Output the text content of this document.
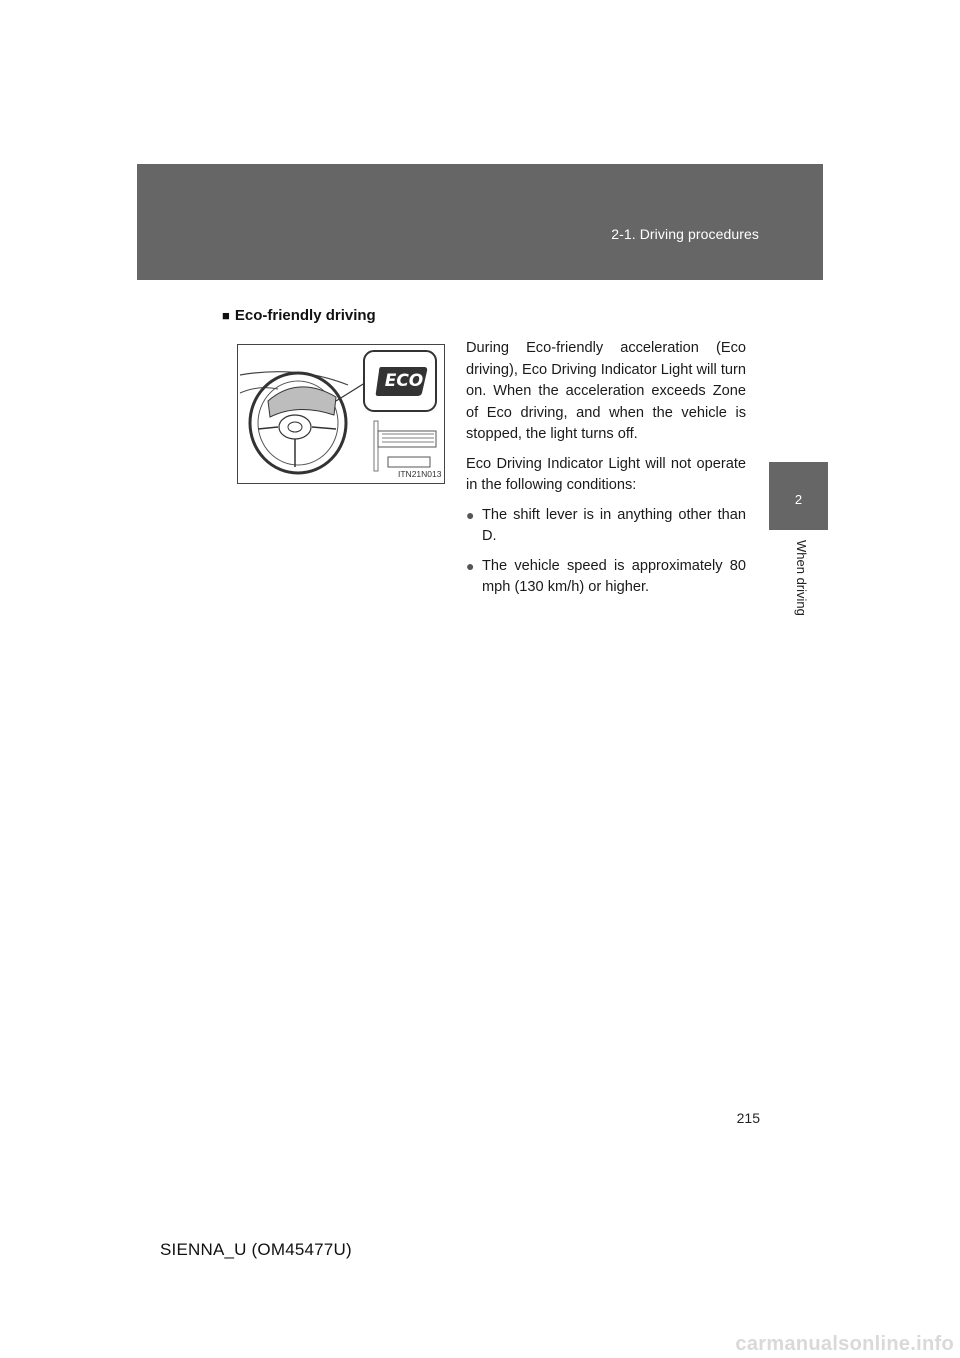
2-1. Driving procedures
2
When driving
■ Eco-friendly driving
ECO
ITN21N013

During Eco-friendly acceleration (Eco driving), Eco Driving Indicator Light will turn on. When the acceleration exceeds Zone of Eco driving, and when the vehicle is stopped, the light turns off.

Eco Driving Indicator Light will not operate in the following conditions:

● The shift lever is in anything other than D.
● The vehicle speed is approximately 80 mph (130 km/h) or higher.
215
SIENNA_U (OM45477U)
carmanualsonline.info
